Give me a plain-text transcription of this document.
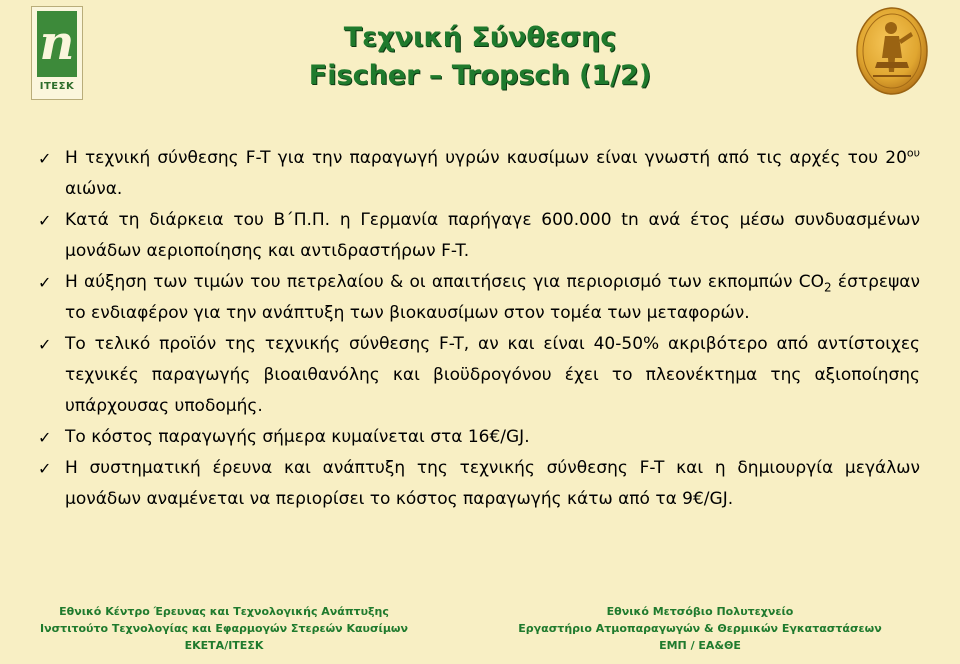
n
ΙΤΕΣΚ
Τεχνική Σύνθεσης
Fischer – Tropsch (1/2)
✓ Η τεχνική σύνθεσης F-T για την παραγωγή υγρών καυσίμων είναι γνωστή από τις αρχές του $20^{o\upsilon}$ αιώνα.
✓ Κατά τη διάρκεια του Β΄Π.Π. η Γερμανία παρήγαγε 600.000 tn ανά έτος μέσω συνδυασμένων μονάδων αεριοποίησης και αντιδραστήρων F-T.
✓ Η αύξηση των τιμών του πετρελαίου & οι απαιτήσεις για περιορισμό των εκπομπών $CO_2$ έστρεψαν το ενδιαφέρον για την ανάπτυξη των βιοκαυσίμων στον τομέα των μεταφορών.
✓ Το τελικό προϊόν της τεχνικής σύνθεσης F-T, αν και είναι 40-50% ακριβότερο από αντίστοιχες τεχνικές παραγωγής βιοαιθανόλης και βιοϋδρογόνου έχει το πλεονέκτημα της αξιοποίησης υπάρχουσας υποδομής.
✓ Το κόστος παραγωγής σήμερα κυμαίνεται στα 16€/GJ.
✓ Η συστηματική έρευνα και ανάπτυξη της τεχνικής σύνθεσης F-T και η δημιουργία μεγάλων μονάδων αναμένεται να περιορίσει το κόστος παραγωγής κάτω από τα 9€/GJ.
Εθνικό Κέντρο Έρευνας και Τεχνολογικής Ανάπτυξης
Ινστιτούτο Τεχνολογίας και Εφαρμογών Στερεών Καυσίμων
ΕΚΕΤΑ/ΙΤΕΣΚ
Εθνικό Μετσόβιο Πολυτεχνείο
Εργαστήριο Ατμοπαραγωγών & Θερμικών Εγκαταστάσεων
ΕΜΠ / ΕΑ&ΘΕ
